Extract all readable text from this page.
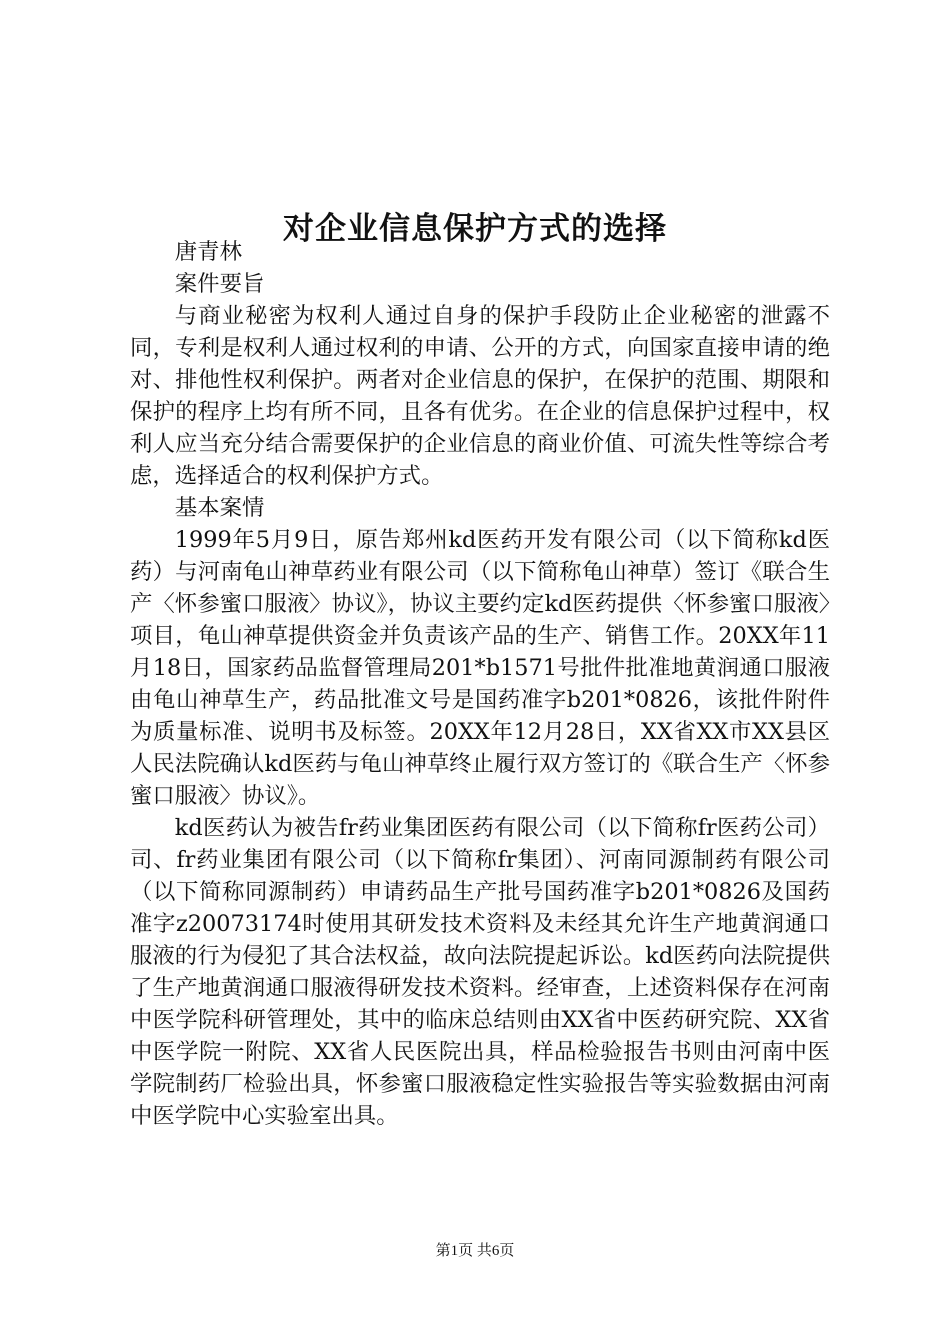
对企业信息保护方式的选择

唐青林

案件要旨

与商业秘密为权利人通过自身的保护手段防止企业秘密的泄露不同，专利是权利人通过权利的申请、公开的方式，向国家直接申请的绝对、排他性权利保护。两者对企业信息的保护，在保护的范围、期限和保护的程序上均有所不同，且各有优劣。在企业的信息保护过程中，权利人应当充分结合需要保护的企业信息的商业价值、可流失性等综合考虑，选择适合的权利保护方式。

基本案情

1999年5月9日，原告郑州kd医药开发有限公司（以下简称kd医药）与河南龟山神草药业有限公司（以下简称龟山神草）签订《联合生产〈怀参蜜口服液〉协议》，协议主要约定kd医药提供〈怀参蜜口服液〉项目，龟山神草提供资金并负责该产品的生产、销售工作。20XX年11月18日，国家药品监督管理局201*b1571号批件批准地黄润通口服液由龟山神草生产，药品批准文号是国药准字b201*0826，该批件附件为质量标准、说明书及标签。20XX年12月28日，XX省XX市XX县区人民法院确认kd医药与龟山神草终止履行双方签订的《联合生产〈怀参蜜口服液〉协议》。

kd医药认为被告fr药业集团医药有限公司（以下简称fr医药公司）司、fr药业集团有限公司（以下简称fr集团）、河南同源制药有限公司（以下简称同源制药）申请药品生产批号国药准字b201*0826及国药准字z20073174时使用其研发技术资料及未经其允许生产地黄润通口服液的行为侵犯了其合法权益，故向法院提起诉讼。kd医药向法院提供了生产地黄润通口服液得研发技术资料。经审查，上述资料保存在河南中医学院科研管理处，其中的临床总结则由XX省中医药研究院、XX省中医学院一附院、XX省人民医院出具，样品检验报告书则由河南中医学院制药厂检验出具，怀参蜜口服液稳定性实验报告等实验数据由河南中医学院中心实验室出具。

第1页 共6页
